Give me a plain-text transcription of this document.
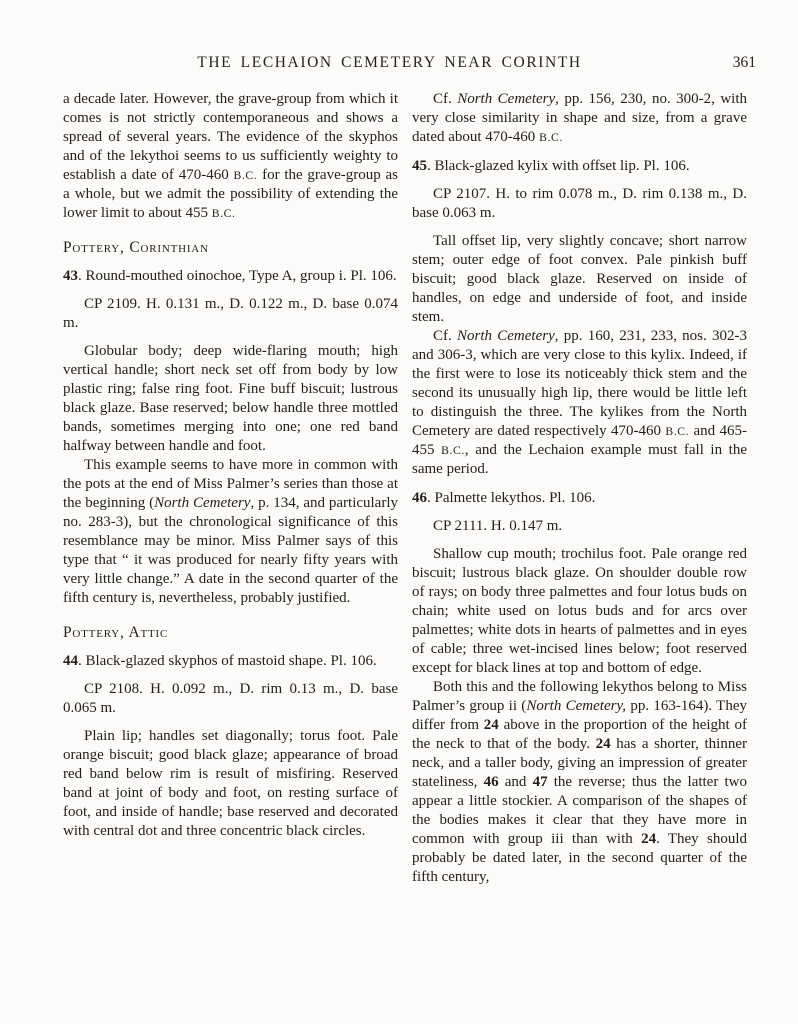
THE LECHAION CEMETERY NEAR CORINTH	361

a decade later. However, the grave-group from which it comes is not strictly contemporaneous and shows a spread of several years. The evidence of the skyphos and of the lekythoi seems to us sufficiently weighty to establish a date of 470-460 B.C. for the grave-group as a whole, but we admit the possibility of extending the lower limit to about 455 B.C.

Pottery, Corinthian

43. Round-mouthed oinochoe, Type A, group i. Pl. 106.

CP 2109. H. 0.131 m., D. 0.122 m., D. base 0.074 m.

Globular body; deep wide-flaring mouth; high vertical handle; short neck set off from body by low plastic ring; false ring foot. Fine buff biscuit; lustrous black glaze. Base reserved; below handle three mottled bands, sometimes merging into one; one red band halfway between handle and foot.

This example seems to have more in common with the pots at the end of Miss Palmer’s series than those at the beginning (North Cemetery, p. 134, and particularly no. 283-3), but the chronological significance of this resemblance may be minor. Miss Palmer says of this type that “ it was produced for nearly fifty years with very little change.” A date in the second quarter of the fifth century is, nevertheless, probably justified.

Pottery, Attic

44. Black-glazed skyphos of mastoid shape. Pl. 106.

CP 2108. H. 0.092 m., D. rim 0.13 m., D. base 0.065 m.

Plain lip; handles set diagonally; torus foot. Pale orange biscuit; good black glaze; appearance of broad red band below rim is result of misfiring. Reserved band at joint of body and foot, on resting surface of foot, and inside of handle; base reserved and decorated with central dot and three concentric black circles.

Cf. North Cemetery, pp. 156, 230, no. 300-2, with very close similarity in shape and size, from a grave dated about 470-460 B.C.

45. Black-glazed kylix with offset lip. Pl. 106.

CP 2107. H. to rim 0.078 m., D. rim 0.138 m., D. base 0.063 m.

Tall offset lip, very slightly concave; short narrow stem; outer edge of foot convex. Pale pinkish buff biscuit; good black glaze. Reserved on inside of handles, on edge and underside of foot, and inside stem.

Cf. North Cemetery, pp. 160, 231, 233, nos. 302-3 and 306-3, which are very close to this kylix. Indeed, if the first were to lose its noticeably thick stem and the second its unusually high lip, there would be little left to distinguish the three. The kylikes from the North Cemetery are dated respectively 470-460 B.C. and 465-455 B.C., and the Lechaion example must fall in the same period.

46. Palmette lekythos. Pl. 106.

CP 2111. H. 0.147 m.

Shallow cup mouth; trochilus foot. Pale orange red biscuit; lustrous black glaze. On shoulder double row of rays; on body three palmettes and four lotus buds on chain; white used on lotus buds and for arcs over palmettes; white dots in hearts of palmettes and in eyes of cable; three wet-incised lines below; foot reserved except for black lines at top and bottom of edge.

Both this and the following lekythos belong to Miss Palmer’s group ii (North Cemetery, pp. 163-164). They differ from 24 above in the proportion of the height of the neck to that of the body. 24 has a shorter, thinner neck, and a taller body, giving an impression of greater stateliness, 46 and 47 the reverse; thus the latter two appear a little stockier. A comparison of the shapes of the bodies makes it clear that they have more in common with group iii than with 24. They should probably be dated later, in the second quarter of the fifth century,
